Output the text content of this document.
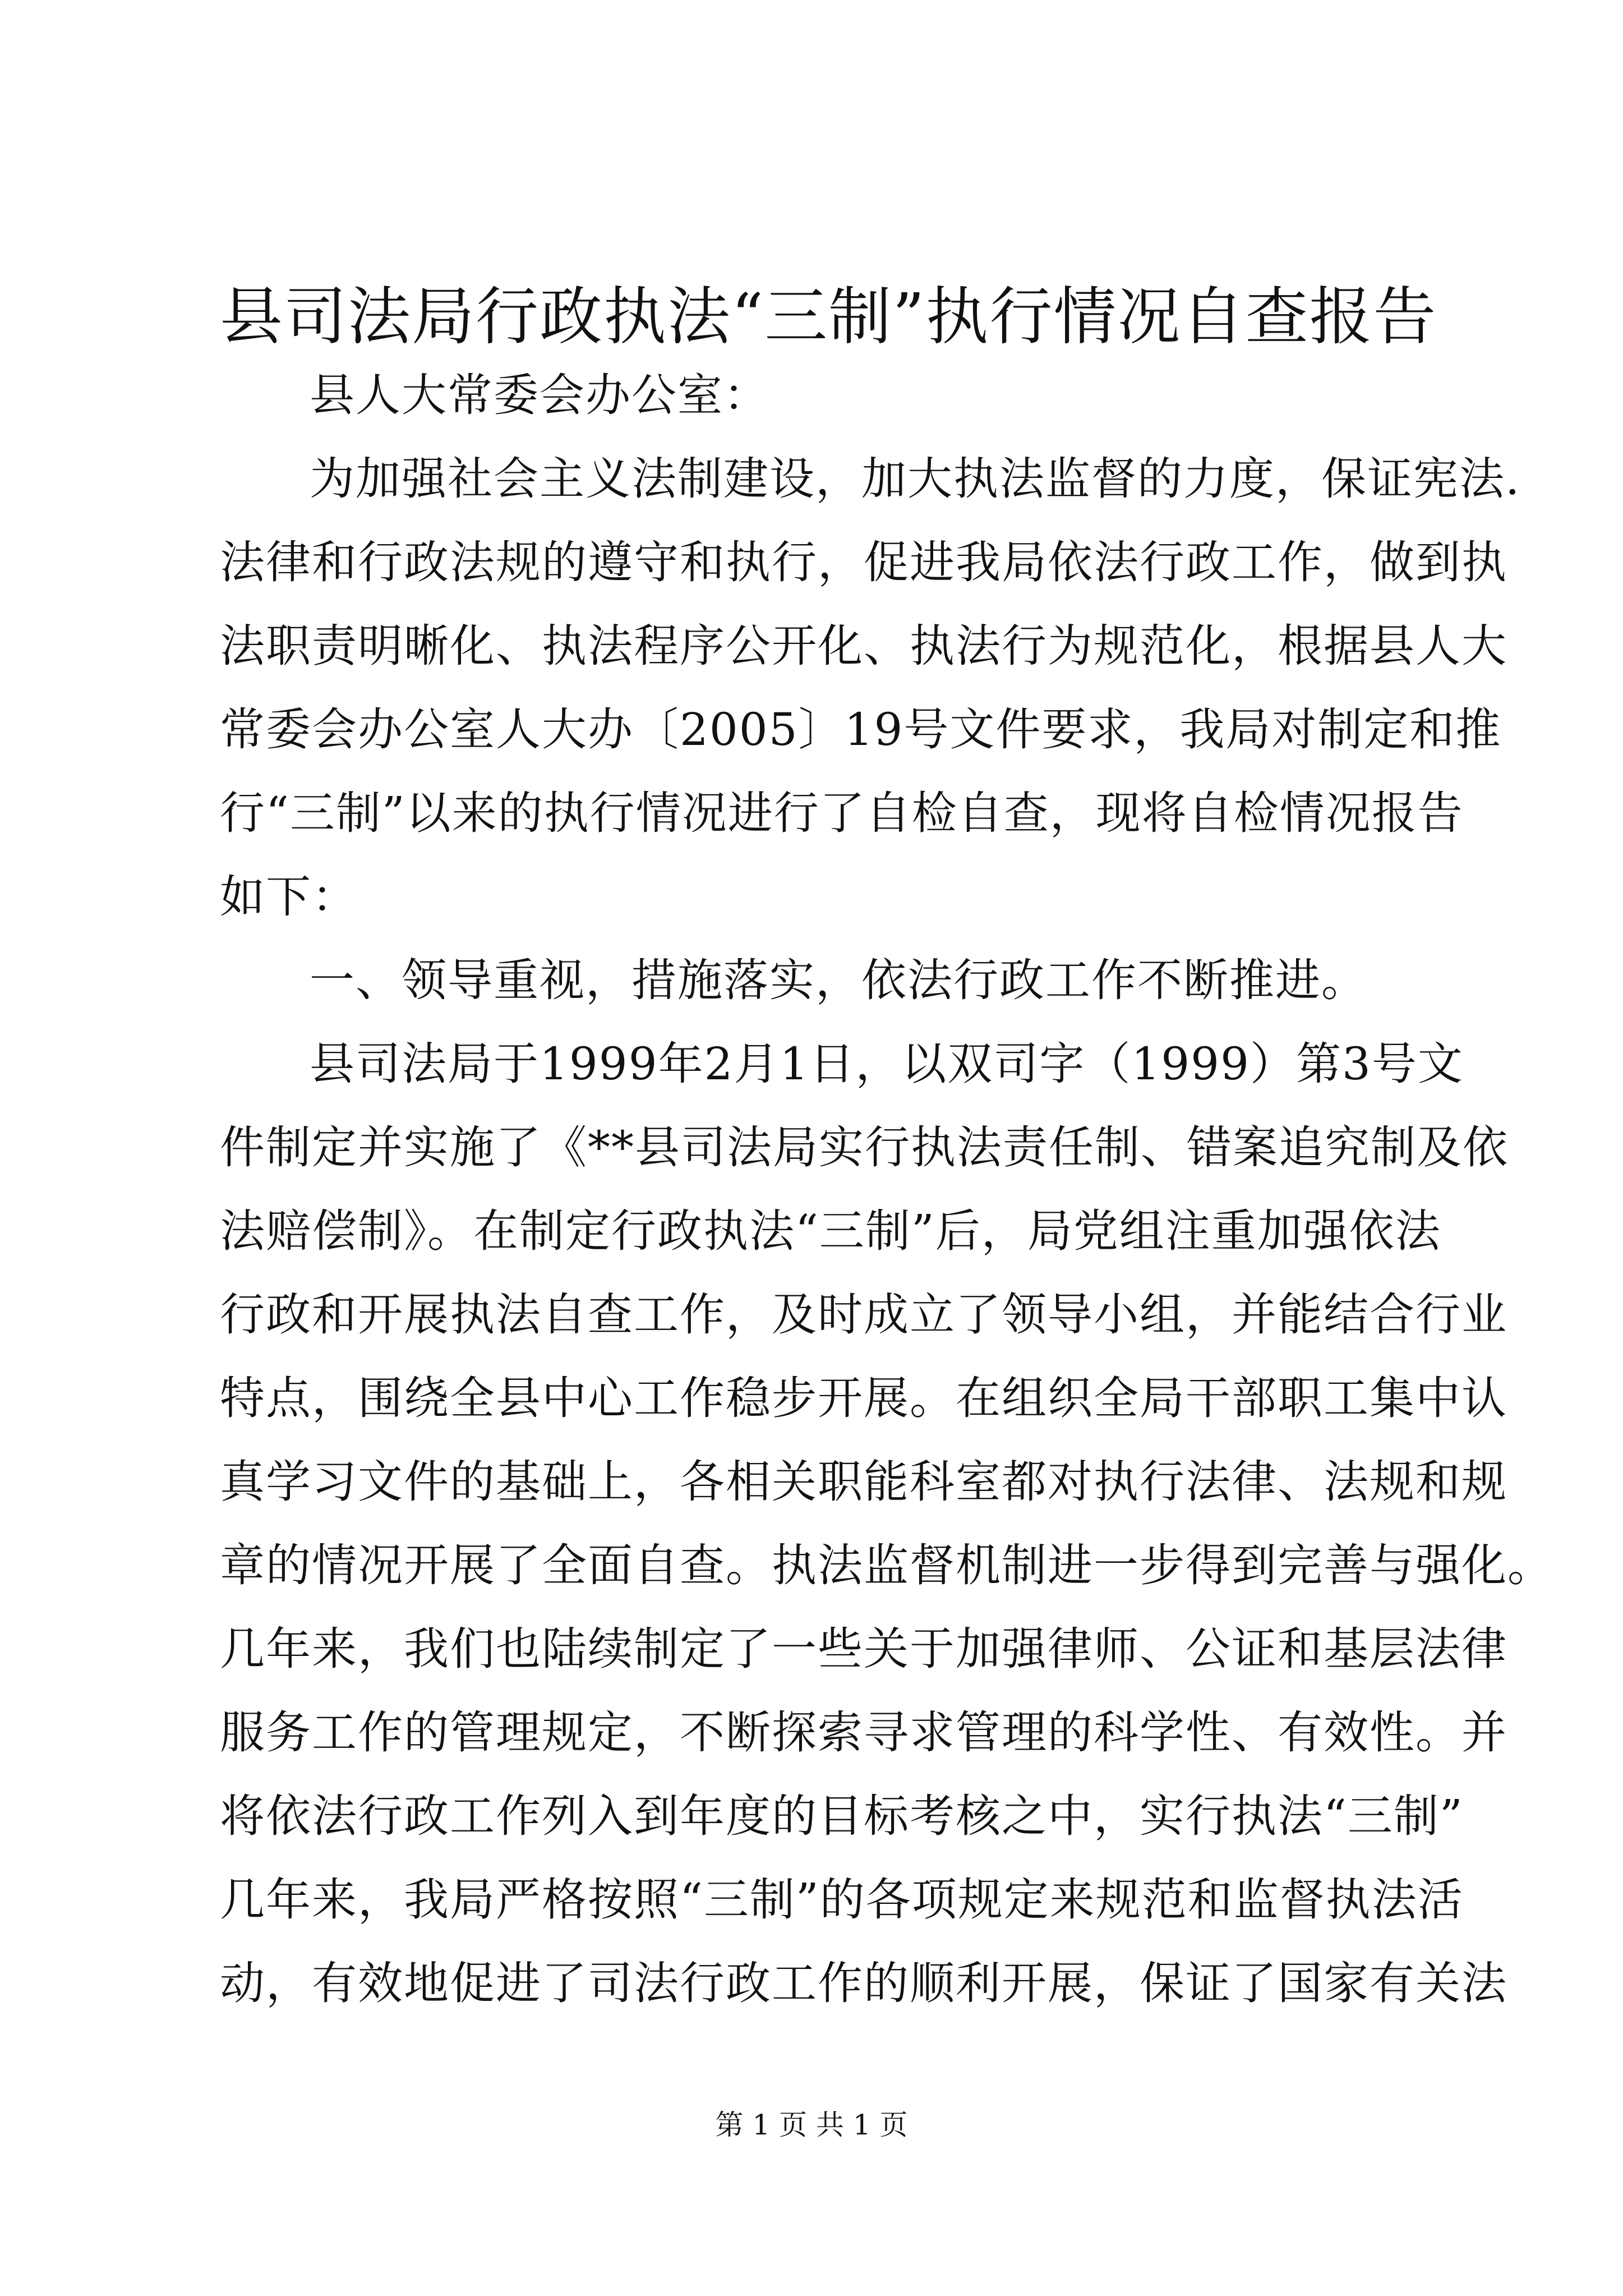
县司法局行政执法“三制”执行情况自查报告
县人大常委会办公室：
为加强社会主义法制建设，加大执法监督的力度，保证宪法.
法律和行政法规的遵守和执行，促进我局依法行政工作，做到执
法职责明晰化、执法程序公开化、执法行为规范化，根据县人大
常委会办公室人大办〔2005〕19号文件要求，我局对制定和推
行“三制”以来的执行情况进行了自检自查，现将自检情况报告
如下：
一、领导重视，措施落实，依法行政工作不断推进。
县司法局于1999年2月1日，以双司字（1999）第3号文
件制定并实施了《**县司法局实行执法责任制、错案追究制及依
法赔偿制》。在制定行政执法“三制”后，局党组注重加强依法
行政和开展执法自查工作，及时成立了领导小组，并能结合行业
特点，围绕全县中心工作稳步开展。在组织全局干部职工集中认
真学习文件的基础上，各相关职能科室都对执行法律、法规和规
章的情况开展了全面自查。执法监督机制进一步得到完善与强化。
几年来，我们也陆续制定了一些关于加强律师、公证和基层法律
服务工作的管理规定，不断探索寻求管理的科学性、有效性。并
将依法行政工作列入到年度的目标考核之中，实行执法“三制”
几年来，我局严格按照“三制”的各项规定来规范和监督执法活
动，有效地促进了司法行政工作的顺利开展，保证了国家有关法
第 1 页 共 1 页
